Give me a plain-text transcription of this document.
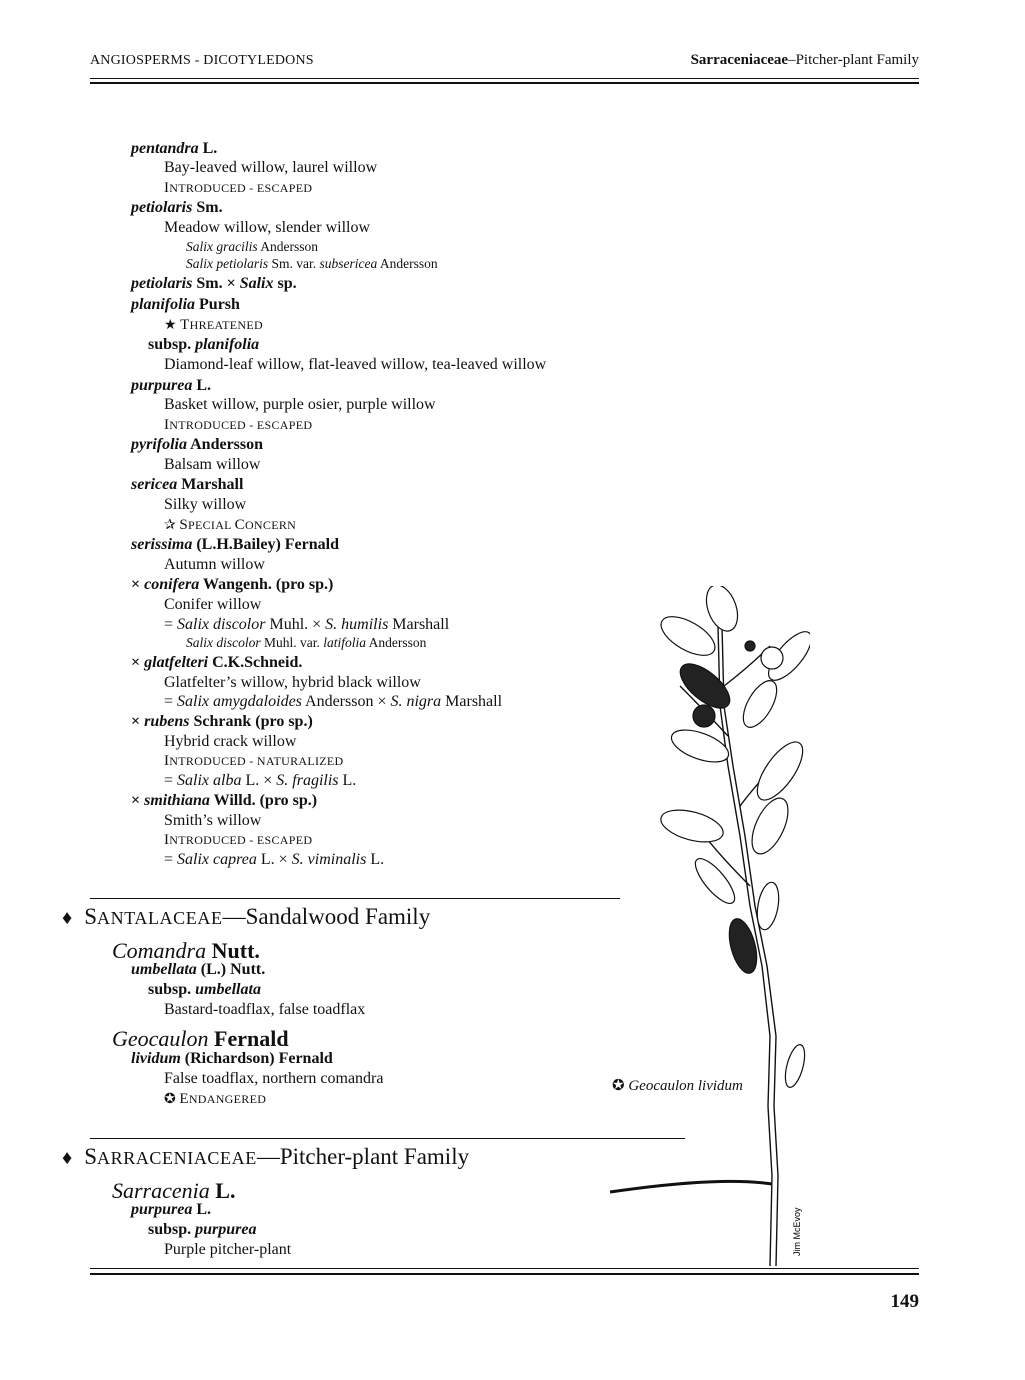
ANGIOSPERMS - DICOTYLEDONS	Sarraceniaceae–Pitcher-plant Family
pentandra L.
Bay-leaved willow, laurel willow
INTRODUCED - ESCAPED
petiolaris Sm.
Meadow willow, slender willow
Salix gracilis Andersson
Salix petiolaris Sm. var. subsericea Andersson
petiolaris Sm. × Salix sp.
planifolia Pursh
★ THREATENED
subsp. planifolia
Diamond-leaf willow, flat-leaved willow, tea-leaved willow
purpurea L.
Basket willow, purple osier, purple willow
INTRODUCED - ESCAPED
pyrifolia Andersson
Balsam willow
sericea Marshall
Silky willow
✰ SPECIAL CONCERN
serissima (L.H.Bailey) Fernald
Autumn willow
× conifera Wangenh. (pro sp.)
Conifer willow
= Salix discolor Muhl. × S. humilis Marshall
Salix discolor Muhl. var. latifolia Andersson
× glatfelteri C.K.Schneid.
Glatfelter’s willow, hybrid black willow
= Salix amygdaloides Andersson × S. nigra Marshall
× rubens Schrank (pro sp.)
Hybrid crack willow
INTRODUCED - NATURALIZED
= Salix alba L. × S. fragilis L.
× smithiana Willd. (pro sp.)
Smith’s willow
INTRODUCED - ESCAPED
= Salix caprea L. × S. viminalis L.
♦ SANTALACEAE—Sandalwood Family
Comandra Nutt.
umbellata (L.) Nutt.
subsp. umbellata
Bastard-toadflax, false toadflax
Geocaulon Fernald
lividum (Richardson) Fernald
False toadflax, northern comandra
✪ ENDANGERED
♦ SARRACENIACEAE—Pitcher-plant Family
Sarracenia L.
purpurea L.
subsp. purpurea
Purple pitcher-plant
✪ Geocaulon lividum
Jim McEvoy
149
